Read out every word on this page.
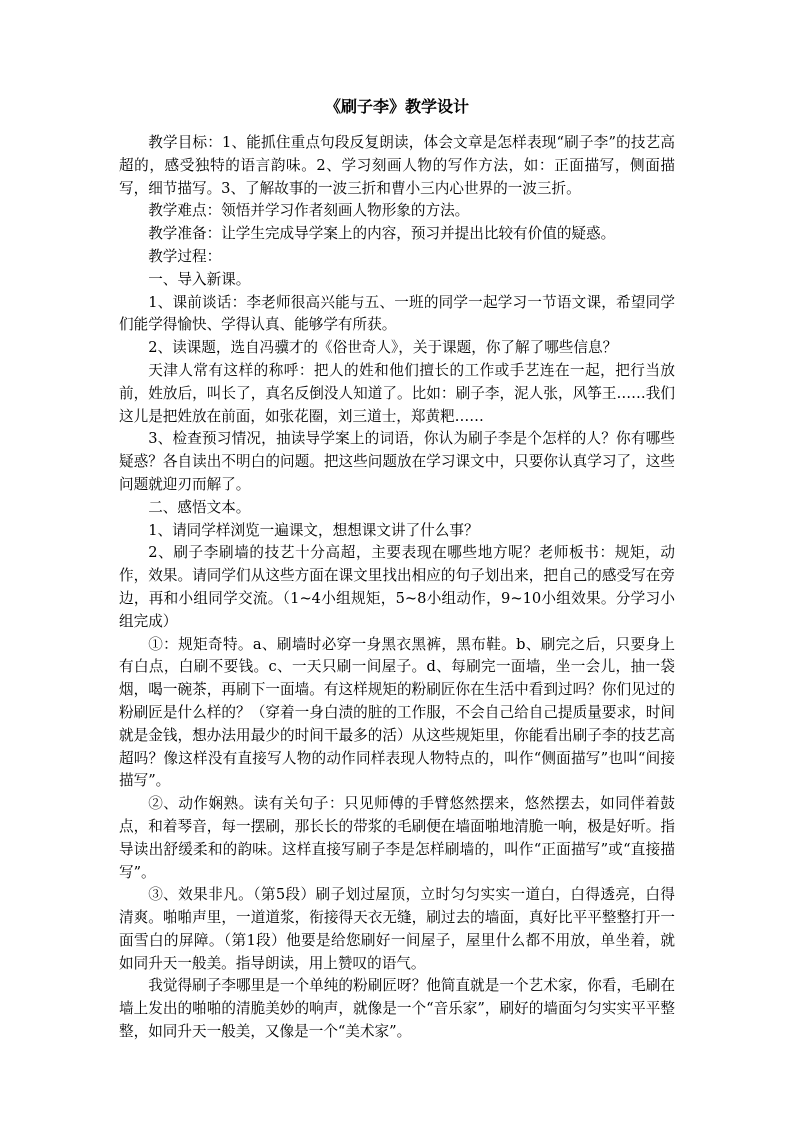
《刷子李》教学设计

教学目标：1、能抓住重点句段反复朗读，体会文章是怎样表现“刷子李”的技艺高超的，感受独特的语言韵味。2、学习刻画人物的写作方法，如：正面描写，侧面描写，细节描写。3、了解故事的一波三折和曹小三内心世界的一波三折。

教学难点：领悟并学习作者刻画人物形象的方法。

教学准备：让学生完成导学案上的内容，预习并提出比较有价值的疑惑。

教学过程：

一、导入新课。

1、课前谈话：李老师很高兴能与五、一班的同学一起学习一节语文课，希望同学们能学得愉快、学得认真、能够学有所获。

2、读课题，选自冯骥才的《俗世奇人》，关于课题，你了解了哪些信息？

天津人常有这样的称呼：把人的姓和他们擅长的工作或手艺连在一起，把行当放前，姓放后，叫长了，真名反倒没人知道了。比如：刷子李，泥人张，风筝王……我们这儿是把姓放在前面，如张花圈，刘三道士，郑黄粑……

3、检查预习情况，抽读导学案上的词语，你认为刷子李是个怎样的人？你有哪些疑惑？各自读出不明白的问题。把这些问题放在学习课文中，只要你认真学习了，这些问题就迎刃而解了。

二、感悟文本。

1、请同学样浏览一遍课文，想想课文讲了什么事？

2、刷子李刷墙的技艺十分高超，主要表现在哪些地方呢？老师板书：规矩，动作，效果。请同学们从这些方面在课文里找出相应的句子划出来，把自己的感受写在旁边，再和小组同学交流。（1~4小组规矩，5~8小组动作，9~10小组效果。分学习小组完成）

①：规矩奇特。a、刷墙时必穿一身黑衣黑裤，黑布鞋。b、刷完之后，只要身上有白点，白刷不要钱。c、一天只刷一间屋子。d、每刷完一面墙，坐一会儿，抽一袋烟，喝一碗茶，再刷下一面墙。有这样规矩的粉刷匠你在生活中看到过吗？你们见过的粉刷匠是什么样的？（穿着一身白渍的脏的工作服，不会自己给自己提质量要求，时间就是金钱，想办法用最少的时间干最多的活）从这些规矩里，你能看出刷子李的技艺高超吗？像这样没有直接写人物的动作同样表现人物特点的，叫作“侧面描写”也叫“间接描写”。

②、动作娴熟。读有关句子：只见师傅的手臂悠然摆来，悠然摆去，如同伴着鼓点，和着琴音，每一摆刷，那长长的带浆的毛刷便在墙面啪地清脆一响，极是好听。指导读出舒缓柔和的韵味。这样直接写刷子李是怎样刷墙的，叫作“正面描写”或“直接描写”。

③、效果非凡。（第5段）刷子划过屋顶，立时匀匀实实一道白，白得透亮，白得清爽。啪啪声里，一道道浆，衔接得天衣无缝，刷过去的墙面，真好比平平整整打开一面雪白的屏障。（第1段）他要是给您刷好一间屋子，屋里什么都不用放，单坐着，就如同升天一般美。指导朗读，用上赞叹的语气。

我觉得刷子李哪里是一个单纯的粉刷匠呀？他简直就是一个艺术家，你看，毛刷在墙上发出的啪啪的清脆美妙的响声，就像是一个“音乐家”，刷好的墙面匀匀实实平平整整，如同升天一般美，又像是一个“美术家”。
